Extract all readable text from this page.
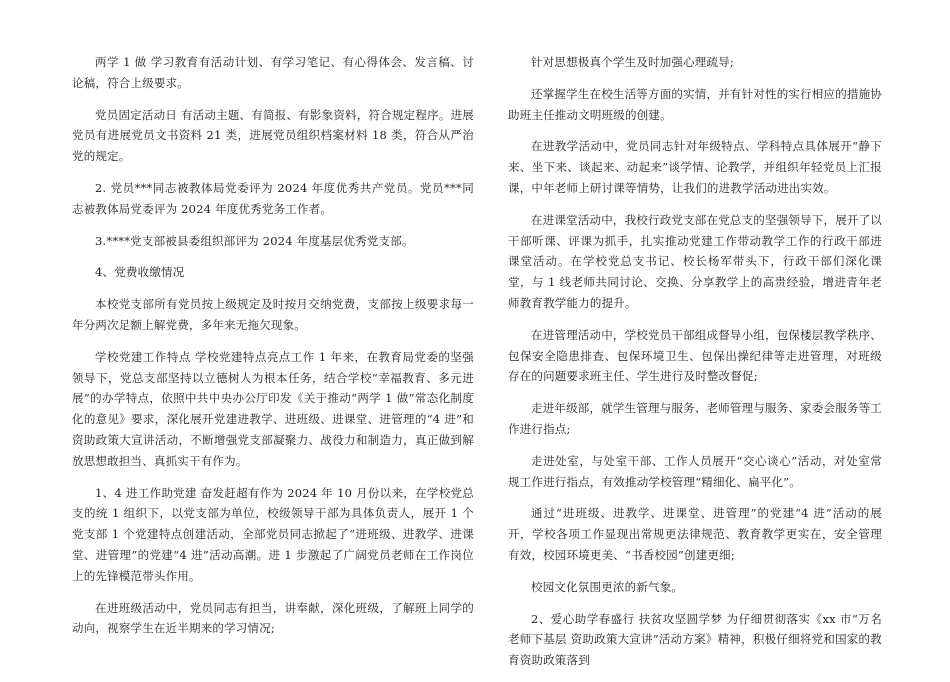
两学 1 做 学习教育有活动计划、有学习笔记、有心得体会、发言稿、讨论稿，符合上级要求。

党员固定活动日 有活动主题、有简报、有影象资料，符合规定程序。进展党员有进展党员文书资料 21 类，进展党员组织档案材料 18 类，符合从严治党的规定。

2. 党员***同志被教体局党委评为 2024 年度优秀共产党员。党员***同志被教体局党委评为 2024 年度优秀党务工作者。

3.****党支部被县委组织部评为 2024 年度基层优秀党支部。

4、党费收缴情况

本校党支部所有党员按上级规定及时按月交纳党费，支部按上级要求每一年分两次足额上解党费，多年来无拖欠现象。

学校党建工作特点 学校党建特点亮点工作 1 年来，在教育局党委的坚强领导下，党总支部坚持以立德树人为根本任务，结合学校“幸福教育、多元进展”的办学特点，依照中共中央办公厅印发《关于推动“两学 1 做”常态化制度化的意见》要求，深化展开党建进教学、进班级、进课堂、进管理的“4 进”和资助政策大宣讲活动，不断增强党支部凝聚力、战役力和制造力，真正做到解放思想敢担当、真抓实干有作为。

1、4 进工作助党建 奋发赶超有作为 2024 年 10 月份以来，在学校党总支的统 1 组织下，以党支部为单位，校级领导干部为具体负责人，展开 1 个党支部 1 个党建特点创建活动，全部党员同志掀起了“进班级、进教学、进课堂、进管理”的党建“4 进”活动高潮。进 1 步激起了广阔党员老师在工作岗位上的先锋模范带头作用。

在进班级活动中，党员同志有担当，讲奉献，深化班级，了解班上同学的动向，视察学生在近半期来的学习情况;

针对思想极真个学生及时加强心理疏导;

还掌握学生在校生活等方面的实情，并有针对性的实行相应的措施协助班主任推动文明班级的创建。

在进教学活动中，党员同志针对年级特点、学科特点具体展开“静下来、坐下来、谈起来、动起来”谈学情、论教学，并组织年轻党员上汇报课，中年老师上研讨课等情势，让我们的进教学活动进出实效。

在进课堂活动中，我校行政党支部在党总支的坚强领导下，展开了以干部听课、评课为抓手，扎实推动党建工作带动教学工作的行政干部进课堂活动。在学校党总支书记、校长杨军带头下，行政干部们深化课堂，与 1 线老师共同讨论、交换、分享教学上的高贵经验，增进青年老师教育教学能力的提升。

在进管理活动中，学校党员干部组成督导小组，包保楼层教学秩序、包保安全隐患排查、包保环境卫生、包保出操纪律等走进管理，对班级存在的问题要求班主任、学生进行及时整改督促;

走进年级部，就学生管理与服务、老师管理与服务、家委会服务等工作进行指点;

走进处室，与处室干部、工作人员展开“交心谈心”活动，对处室常规工作进行指点，有效推动学校管理“精细化、扁平化”。

通过“进班级、进教学、进课堂、进管理”的党建“4 进”活动的展开，学校各项工作显现出常规更法律规范、教育教学更实在，安全管理有效，校园环境更美、“书香校园”创建更细;

校园文化氛围更浓的新气象。

2、爱心助学春盛行 扶贫攻坚圆学梦 为仔细贯彻落实《xx 市“万名老师下基层 资助政策大宣讲”活动方案》精神，积极仔细将党和国家的教育资助政策落到
